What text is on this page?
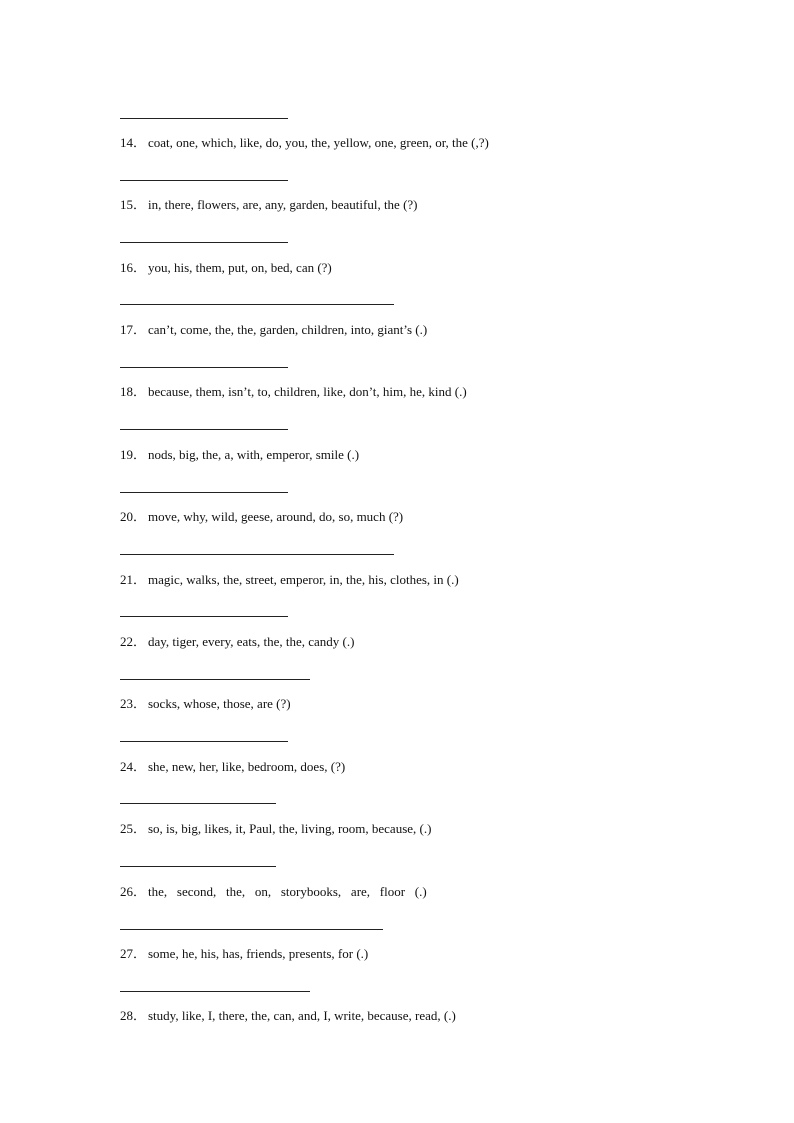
14． coat, one, which, like, do, you, the, yellow, one, green, or, the (,?)
15． in, there, flowers, are, any, garden, beautiful, the (?)
16． you, his, them, put, on, bed, can (?)
17． can’t, come, the, the, garden, children, into, giant’s (.)
18． because, them, isn’t, to, children, like, don’t, him, he, kind (.)
19． nods, big, the, a, with, emperor, smile (.)
20． move, why, wild, geese, around, do, so, much (?)
21． magic, walks, the, street, emperor, in, the, his, clothes, in (.)
22． day, tiger, every, eats, the, the, candy (.)
23． socks, whose, those, are (?)
24． she, new, her, like, bedroom, does, (?)
25． so, is, big, likes, it, Paul, the, living, room, because, (.)
26． the,   second,   the,   on,   storybooks,   are,   floor   (.)
27． some, he, his, has, friends, presents, for (.)
28． study, like, I, there, the, can, and, I, write, because, read, (.)
